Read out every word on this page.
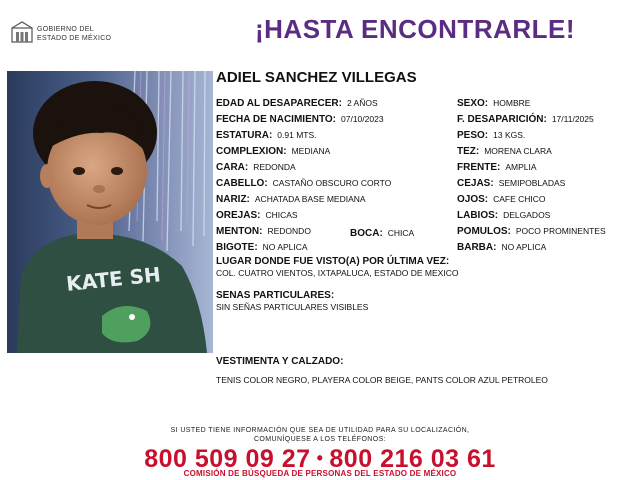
GOBIERNO DEL
ESTADO DE MÉXICO	¡HASTA ENCONTRARLE!
KATE SH
ADIEL SANCHEZ VILLEGAS
EDAD AL DESAPARECER: 2 AÑOS
FECHA DE NACIMIENTO: 07/10/2023
ESTATURA: 0.91 MTS.
COMPLEXION: MEDIANA
CARA: REDONDA
CABELLO: CASTAÑO OBSCURO CORTO
NARIZ: ACHATADA BASE MEDIANA
OREJAS: CHICAS
MENTON: REDONDO	BOCA: CHICA
BIGOTE: NO APLICA
SEXO: HOMBRE
F. DESAPARICIÓN: 17/11/2025
PESO: 13 KGS.
TEZ: MORENA CLARA
FRENTE: AMPLIA
CEJAS: SEMIPOBLADAS
OJOS: CAFE CHICO
LABIOS: DELGADOS
POMULOS: POCO PROMINENTES
BARBA: NO APLICA
LUGAR DONDE FUE VISTO(A) POR ÚLTIMA VEZ:
COL. CUATRO VIENTOS, IXTAPALUCA, ESTADO DE MEXICO
SENAS PARTICULARES:
SIN SEÑAS PARTICULARES VISIBLES
VESTIMENTA Y CALZADO:
TENIS COLOR NEGRO, PLAYERA COLOR BEIGE, PANTS COLOR AZUL PETROLEO
SI USTED TIENE INFORMACIÓN QUE SEA DE UTILIDAD PARA SU LOCALIZACIÓN,
COMUNÍQUESE A LOS TELÉFONOS:
800 509 09 27 • 800 216 03 61
COMISIÓN DE BÚSQUEDA DE PERSONAS DEL ESTADO DE MÉXICO
